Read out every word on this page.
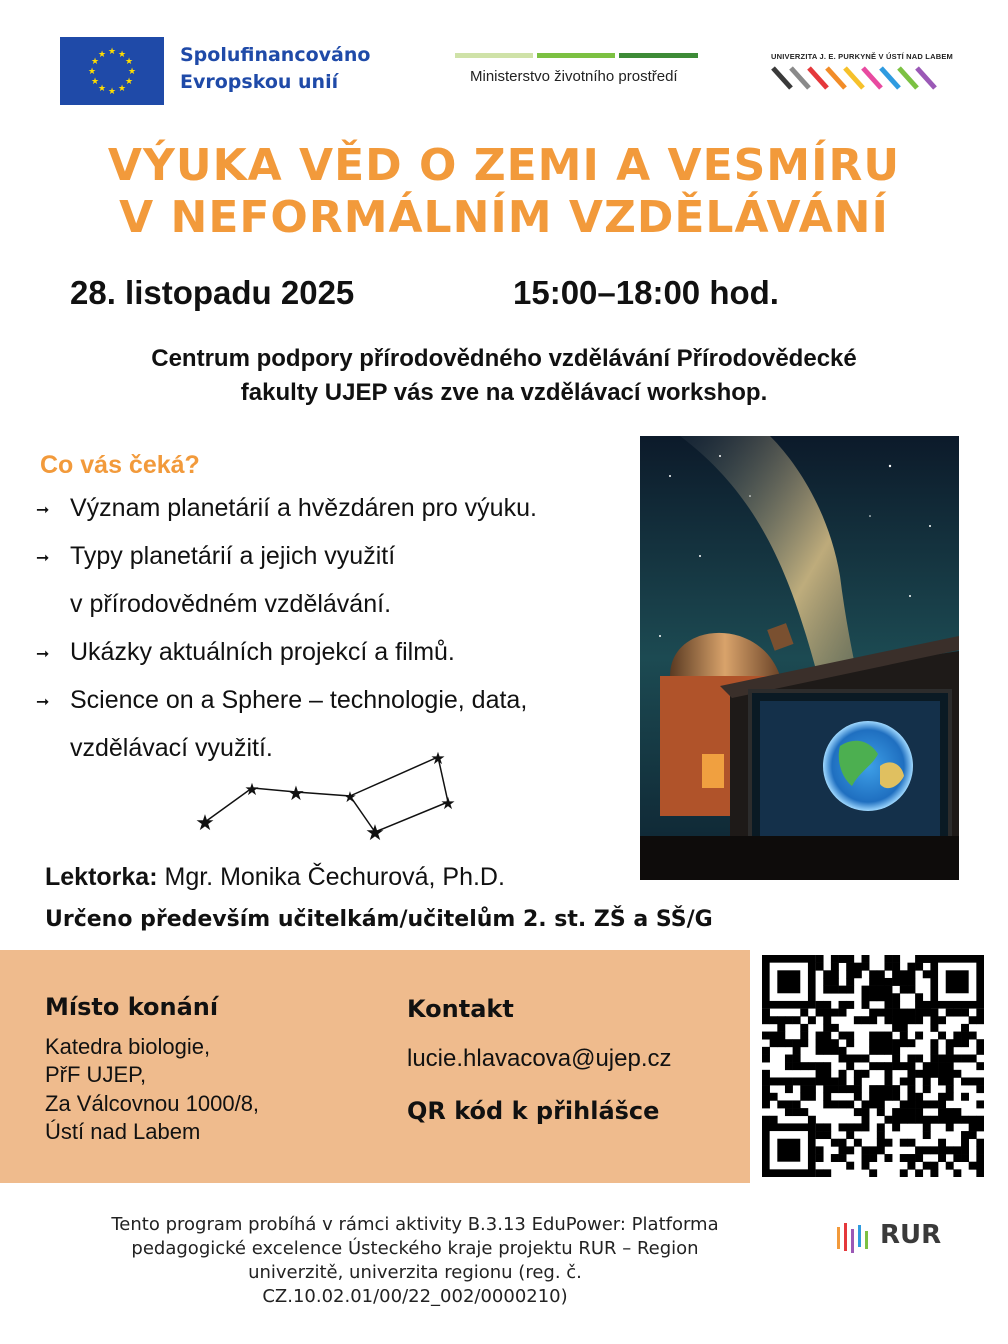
★ ★
★
★
★
★
★
★
★
★
★
★	Spolufinancováno
Evropskou unií	Ministerstvo životního prostředí
UNIVERZITA J. E. PURKYNĚ V ÚSTÍ NAD LABEM
VÝUKA VĚD O ZEMI A VESMÍRU
V NEFORMÁLNÍM VZDĚLÁVÁNÍ
28. listopadu 2025	15:00–18:00 hod.
Centrum podpory přírodovědného vzdělávání Přírodovědecké
fakulty UJEP vás zve na vzdělávací workshop.
Co vás čeká?
➞ Význam planetárií a hvězdáren pro výuku.
➞ Typy planetárií a jejich využití
v přírodovědném vzdělávání.
➞ Ukázky aktuálních projekcí a filmů.
➞ Science on a Sphere – technologie, data,
vzdělávací využití.
★
★ ★	★
★
★
★
Lektorka: Mgr. Monika Čechurová, Ph.D.
Určeno především učitelkám/učitelům 2. st. ZŠ a SŠ/G
Místo konání
Katedra biologie,
PřF UJEP,
Za Válcovnou 1000/8,
Ústí nad Labem
Kontakt
lucie.hlavacova@ujep.cz
QR kód k přihlášce
Tento program probíhá v rámci aktivity B.3.13 EduPower: Platforma
pedagogické excelence Ústeckého kraje projektu RUR – Region
univerzitě, univerzita regionu (reg. č.
CZ.10.02.01/00/22_002/0000210)
RUR
